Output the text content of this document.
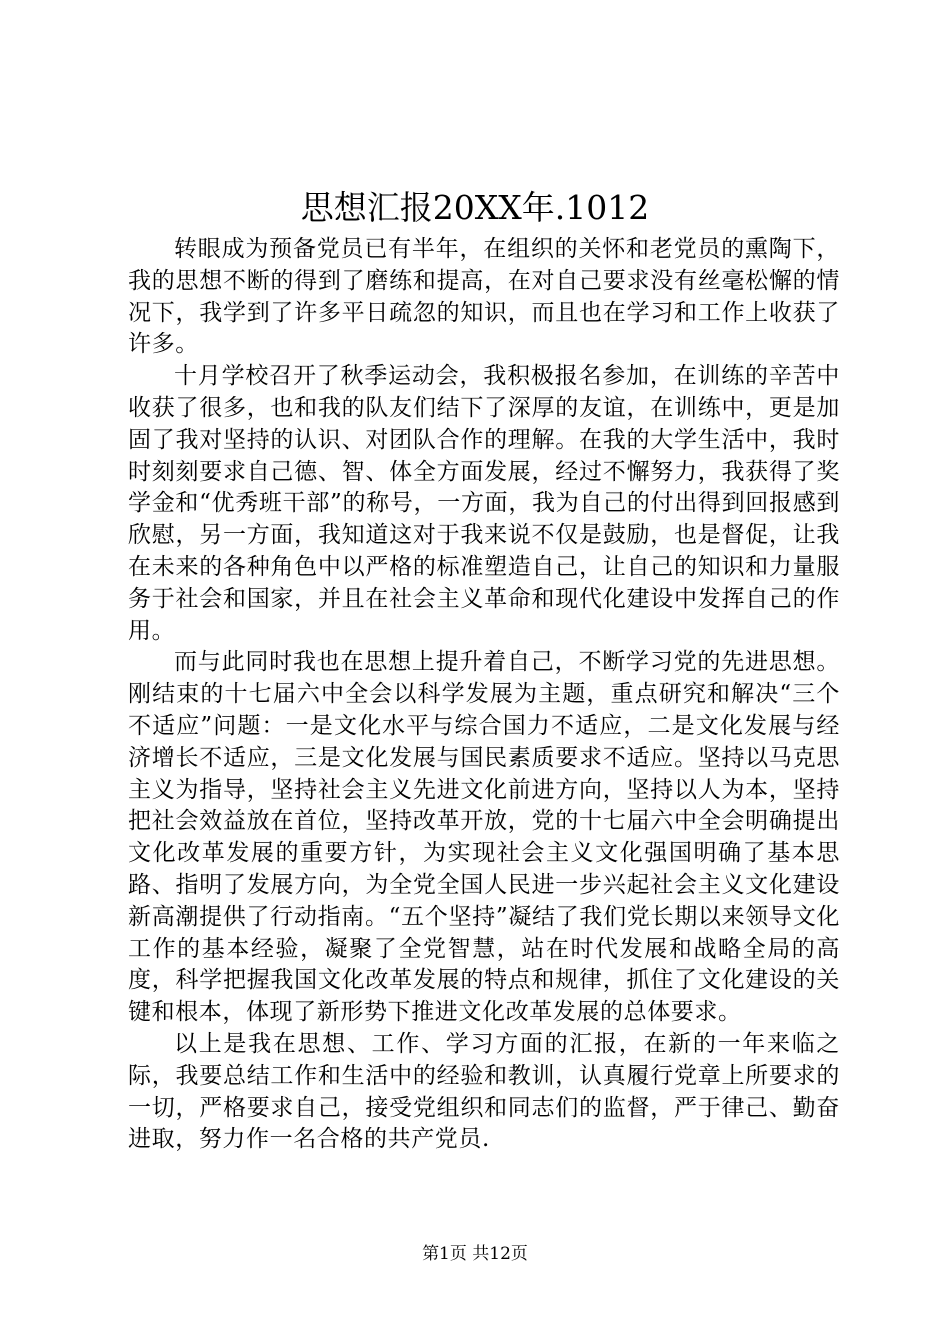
思想汇报20XX年.1012

转眼成为预备党员已有半年，在组织的关怀和老党员的熏陶下，我的思想不断的得到了磨练和提高，在对自己要求没有丝毫松懈的情况下，我学到了许多平日疏忽的知识，而且也在学习和工作上收获了许多。

十月学校召开了秋季运动会，我积极报名参加，在训练的辛苦中收获了很多，也和我的队友们结下了深厚的友谊，在训练中，更是加固了我对坚持的认识、对团队合作的理解。在我的大学生活中，我时时刻刻要求自己德、智、体全方面发展，经过不懈努力，我获得了奖学金和“优秀班干部”的称号，一方面，我为自己的付出得到回报感到欣慰，另一方面，我知道这对于我来说不仅是鼓励，也是督促，让我在未来的各种角色中以严格的标准塑造自己，让自己的知识和力量服务于社会和国家，并且在社会主义革命和现代化建设中发挥自己的作用。

而与此同时我也在思想上提升着自己，不断学习党的先进思想。刚结束的十七届六中全会以科学发展为主题，重点研究和解决“三个不适应”问题：一是文化水平与综合国力不适应，二是文化发展与经济增长不适应，三是文化发展与国民素质要求不适应。坚持以马克思主义为指导，坚持社会主义先进文化前进方向，坚持以人为本，坚持把社会效益放在首位，坚持改革开放，党的十七届六中全会明确提出文化改革发展的重要方针，为实现社会主义文化强国明确了基本思路、指明了发展方向，为全党全国人民进一步兴起社会主义文化建设新高潮提供了行动指南。“五个坚持”凝结了我们党长期以来领导文化工作的基本经验，凝聚了全党智慧，站在时代发展和战略全局的高度，科学把握我国文化改革发展的特点和规律，抓住了文化建设的关键和根本，体现了新形势下推进文化改革发展的总体要求。

以上是我在思想、工作、学习方面的汇报，在新的一年来临之际，我要总结工作和生活中的经验和教训，认真履行党章上所要求的一切，严格要求自己，接受党组织和同志们的监督，严于律己、勤奋进取，努力作一名合格的共产党员.

第1页 共12页
